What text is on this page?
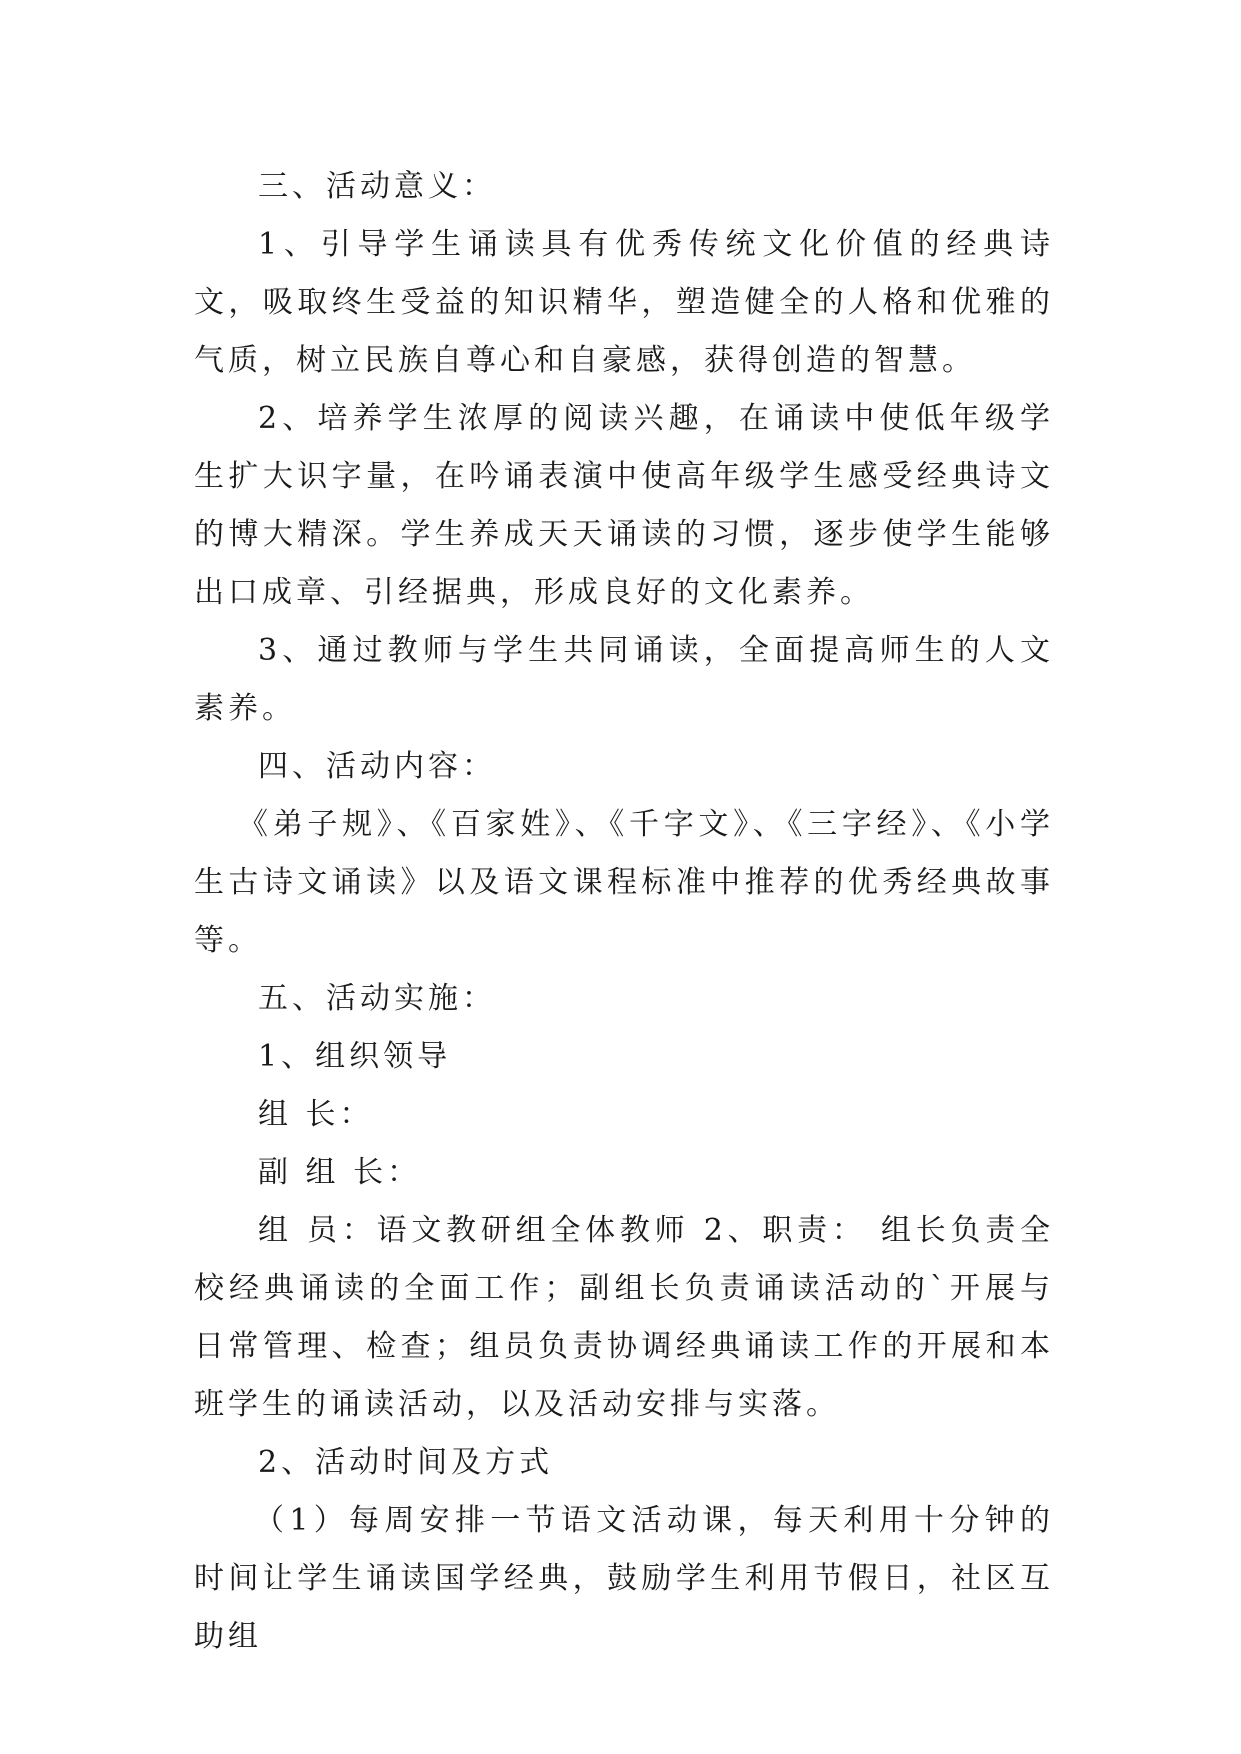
三、活动意义：

1、引导学生诵读具有优秀传统文化价值的经典诗文，吸取终生受益的知识精华，塑造健全的人格和优雅的气质，树立民族自尊心和自豪感，获得创造的智慧。

2、培养学生浓厚的阅读兴趣，在诵读中使低年级学生扩大识字量，在吟诵表演中使高年级学生感受经典诗文的博大精深。学生养成天天诵读的习惯，逐步使学生能够出口成章、引经据典，形成良好的文化素养。

3、通过教师与学生共同诵读，全面提高师生的人文素养。

四、活动内容：

《弟子规》、《百家姓》、《千字文》、《三字经》、《小学生古诗文诵读》以及语文课程标准中推荐的优秀经典故事等。

五、活动实施：

1、组织领导

组 长：

副 组 长：

组 员：语文教研组全体教师 2、职责： 组长负责全校经典诵读的全面工作；副组长负责诵读活动的`开展与日常管理、检查；组员负责协调经典诵读工作的开展和本班学生的诵读活动，以及活动安排与实落。

2、活动时间及方式

（1）每周安排一节语文活动课，每天利用十分钟的时间让学生诵读国学经典，鼓励学生利用节假日，社区互助组
